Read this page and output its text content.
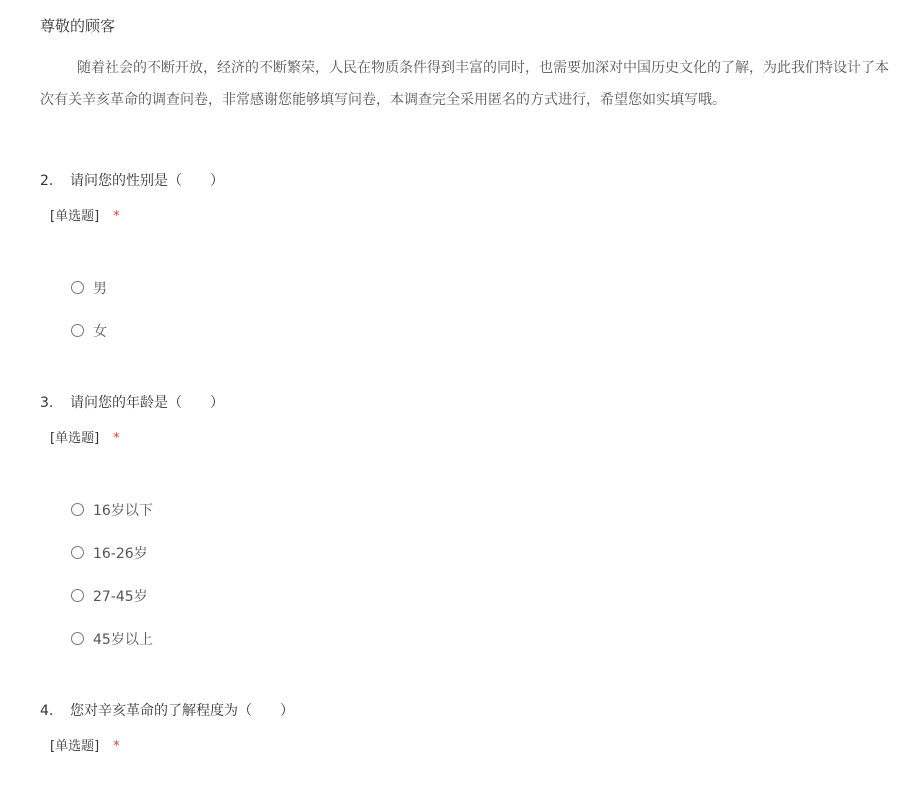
尊敬的顾客

随着社会的不断开放，经济的不断繁荣，人民在物质条件得到丰富的同时，也需要加深对中国历史文化的了解，为此我们特设计了本次有关辛亥革命的调查问卷，非常感谢您能够填写问卷，本调查完全采用匿名的方式进行，希望您如实填写哦。

2. 请问您的性别是（　　）
[单选题] *
男
女
3. 请问您的年龄是（　　）
[单选题] *
16岁以下
16-26岁
27-45岁
45岁以上
4. 您对辛亥革命的了解程度为（　　）
[单选题] *
